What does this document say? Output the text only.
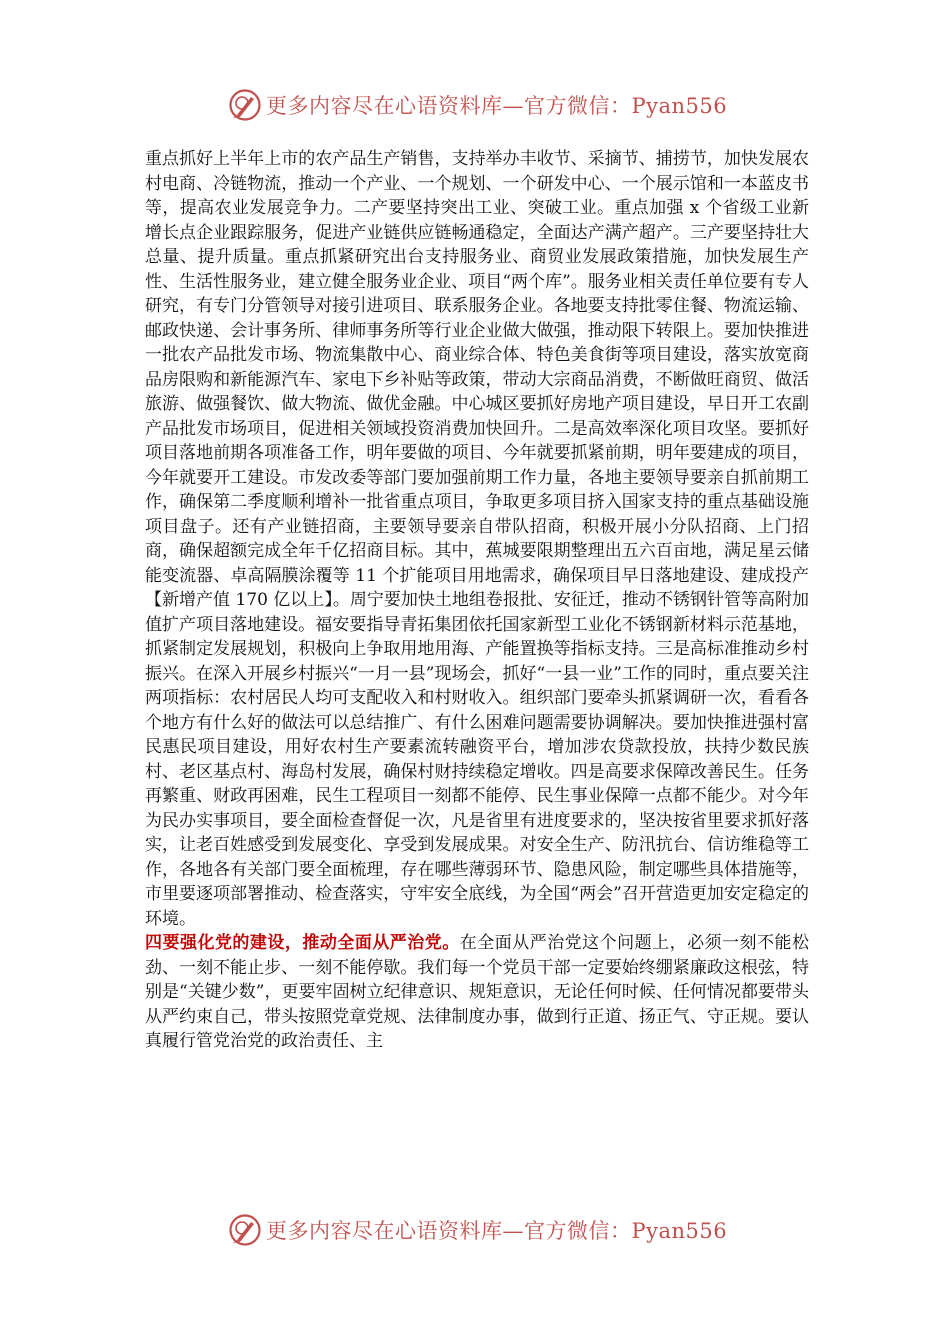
更多内容尽在心语资料库—官方微信：Pyan556

重点抓好上半年上市的农产品生产销售，支持举办丰收节、采摘节、捕捞节，加快发展农村电商、冷链物流，推动一个产业、一个规划、一个研发中心、一个展示馆和一本蓝皮书等，提高农业发展竞争力。二产要坚持突出工业、突破工业。重点加强 x 个省级工业新增长点企业跟踪服务，促进产业链供应链畅通稳定，全面达产满产超产。三产要坚持壮大总量、提升质量。重点抓紧研究出台支持服务业、商贸业发展政策措施，加快发展生产性、生活性服务业，建立健全服务业企业、项目“两个库”。服务业相关责任单位要有专人研究，有专门分管领导对接引进项目、联系服务企业。各地要支持批零住餐、物流运输、邮政快递、会计事务所、律师事务所等行业企业做大做强，推动限下转限上。要加快推进一批农产品批发市场、物流集散中心、商业综合体、特色美食街等项目建设，落实放宽商品房限购和新能源汽车、家电下乡补贴等政策，带动大宗商品消费，不断做旺商贸、做活旅游、做强餐饮、做大物流、做优金融。中心城区要抓好房地产项目建设，早日开工农副产品批发市场项目，促进相关领域投资消费加快回升。二是高效率深化项目攻坚。要抓好项目落地前期各项准备工作，明年要做的项目、今年就要抓紧前期，明年要建成的项目，今年就要开工建设。市发改委等部门要加强前期工作力量，各地主要领导要亲自抓前期工作，确保第二季度顺利增补一批省重点项目，争取更多项目挤入国家支持的重点基础设施项目盘子。还有产业链招商，主要领导要亲自带队招商，积极开展小分队招商、上门招商，确保超额完成全年千亿招商目标。其中，蕉城要限期整理出五六百亩地，满足星云储能变流器、卓高隔膜涂覆等 11 个扩能项目用地需求，确保项目早日落地建设、建成投产【新增产值 170 亿以上】。周宁要加快土地组卷报批、安征迁，推动不锈钢针管等高附加值扩产项目落地建设。福安要指导青拓集团依托国家新型工业化不锈钢新材料示范基地，抓紧制定发展规划，积极向上争取用地用海、产能置换等指标支持。三是高标准推动乡村振兴。在深入开展乡村振兴“一月一县”现场会，抓好“一县一业”工作的同时，重点要关注两项指标：农村居民人均可支配收入和村财收入。组织部门要牵头抓紧调研一次，看看各个地方有什么好的做法可以总结推广、有什么困难问题需要协调解决。要加快推进强村富民惠民项目建设，用好农村生产要素流转融资平台，增加涉农贷款投放，扶持少数民族村、老区基点村、海岛村发展，确保村财持续稳定增收。四是高要求保障改善民生。任务再繁重、财政再困难，民生工程项目一刻都不能停、民生事业保障一点都不能少。对今年为民办实事项目，要全面检查督促一次，凡是省里有进度要求的，坚决按省里要求抓好落实，让老百姓感受到发展变化、享受到发展成果。对安全生产、防汛抗台、信访维稳等工作，各地各有关部门要全面梳理，存在哪些薄弱环节、隐患风险，制定哪些具体措施等，市里要逐项部署推动、检查落实，守牢安全底线，为全国“两会”召开营造更加安定稳定的环境。

四要强化党的建设，推动全面从严治党。在全面从严治党这个问题上，必须一刻不能松劲、一刻不能止步、一刻不能停歇。我们每一个党员干部一定要始终绷紧廉政这根弦，特别是“关键少数”，更要牢固树立纪律意识、规矩意识，无论任何时候、任何情况都要带头从严约束自己，带头按照党章党规、法律制度办事，做到行正道、扬正气、守正规。要认真履行管党治党的政治责任、主

更多内容尽在心语资料库—官方微信：Pyan556
